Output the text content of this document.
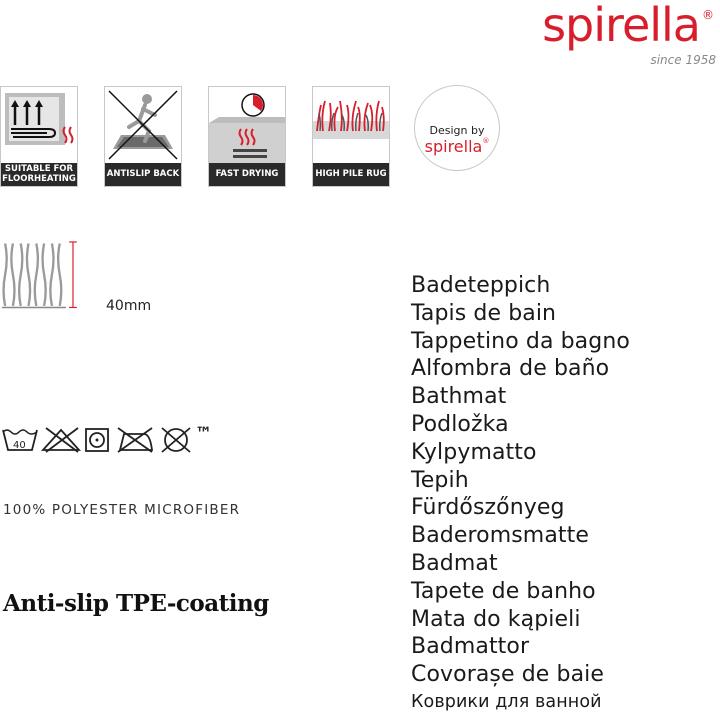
spirella ®
since 1958
SUITABLE FOR FLOORHEATING	ANTISLIP BACK	FAST DRYING	HIGH PILE RUG
Design by
spirella®
40mm
40
™
100% POLYESTER MICROFIBER
Anti-slip TPE-coating
Badeteppich
Tapis de bain
Tappetino da bagno
Alfombra de baño
Bathmat
Podložka
Kylpymatto
Tepih
Fürdőszőnyeg
Baderomsmatte
Badmat
Tapete de banho
Mata do kąpieli
Badmattor
Covorașe de baie
Коврики для ванной
